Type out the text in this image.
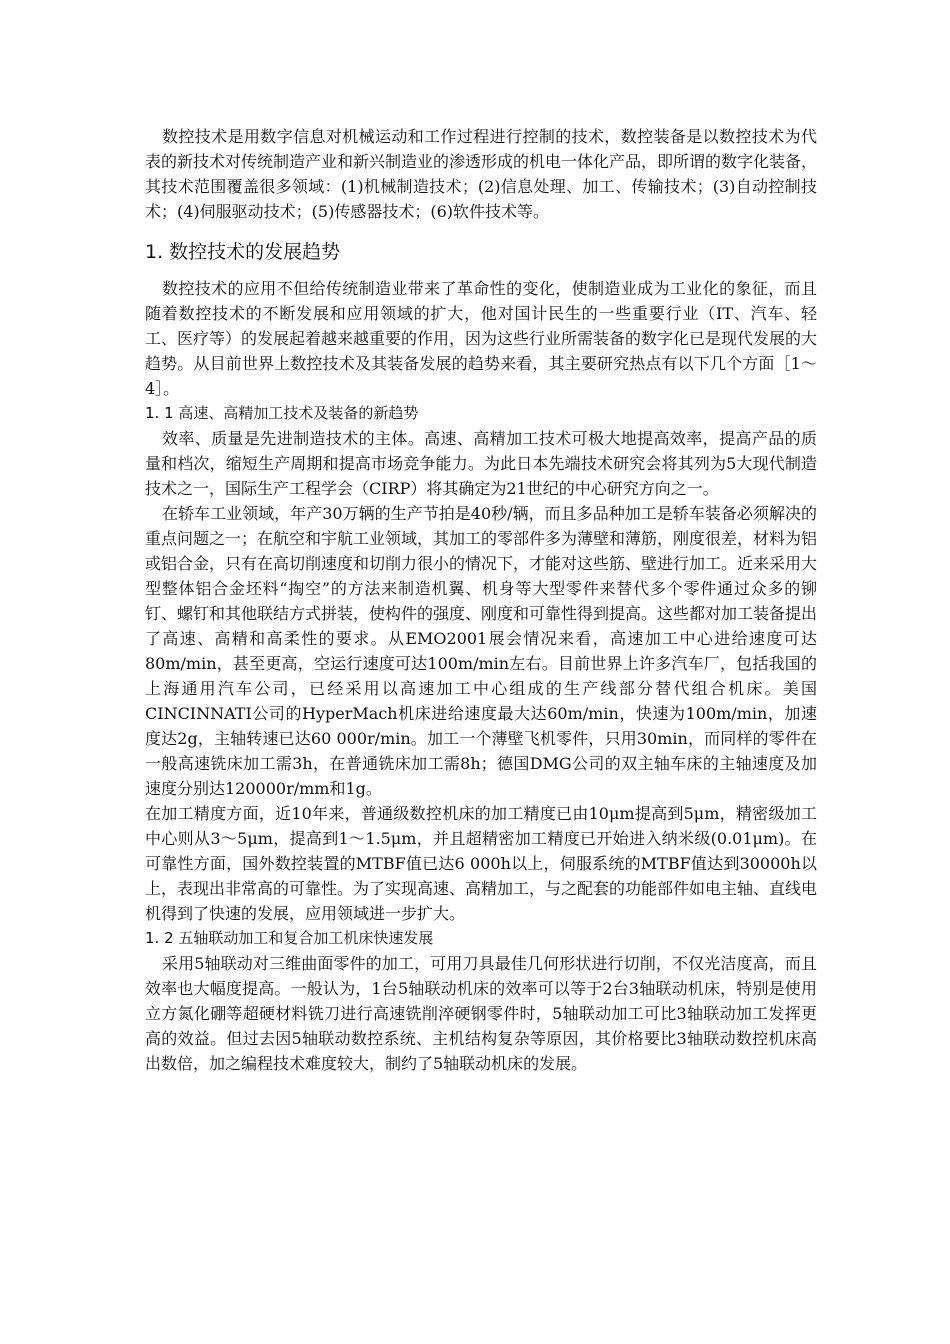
数控技术是用数字信息对机械运动和工作过程进行控制的技术，数控装备是以数控技术为代表的新技术对传统制造产业和新兴制造业的渗透形成的机电一体化产品，即所谓的数字化装备，其技术范围覆盖很多领域：(1)机械制造技术；(2)信息处理、加工、传输技术；(3)自动控制技术；(4)伺服驱动技术；(5)传感器技术；(6)软件技术等。

1. 数控技术的发展趋势

数控技术的应用不但给传统制造业带来了革命性的变化，使制造业成为工业化的象征，而且随着数控技术的不断发展和应用领域的扩大，他对国计民生的一些重要行业（IT、汽车、轻工、医疗等）的发展起着越来越重要的作用，因为这些行业所需装备的数字化已是现代发展的大趋势。从目前世界上数控技术及其装备发展的趋势来看，其主要研究热点有以下几个方面［1～4］。

1. 1 高速、高精加工技术及装备的新趋势

效率、质量是先进制造技术的主体。高速、高精加工技术可极大地提高效率，提高产品的质量和档次，缩短生产周期和提高市场竞争能力。为此日本先端技术研究会将其列为5大现代制造技术之一，国际生产工程学会（CIRP）将其确定为21世纪的中心研究方向之一。

在轿车工业领域，年产30万辆的生产节拍是40秒/辆，而且多品种加工是轿车装备必须解决的重点问题之一；在航空和宇航工业领域，其加工的零部件多为薄壁和薄筋，刚度很差，材料为铝或铝合金，只有在高切削速度和切削力很小的情况下，才能对这些筋、壁进行加工。近来采用大型整体铝合金坯料“掏空”的方法来制造机翼、机身等大型零件来替代多个零件通过众多的铆钉、螺钉和其他联结方式拼装，使构件的强度、刚度和可靠性得到提高。这些都对加工装备提出了高速、高精和高柔性的要求。从EMO2001展会情况来看，高速加工中心进给速度可达80m/min，甚至更高，空运行速度可达100m/min左右。目前世界上许多汽车厂，包括我国的上海通用汽车公司，已经采用以高速加工中心组成的生产线部分替代组合机床。美国CINCINNATI公司的HyperMach机床进给速度最大达60m/min，快速为100m/min，加速度达2g，主轴转速已达60 000r/min。加工一个薄壁飞机零件，只用30min，而同样的零件在一般高速铣床加工需3h，在普通铣床加工需8h；德国DMG公司的双主轴车床的主轴速度及加速度分别达120000r/mm和1g。

在加工精度方面，近10年来，普通级数控机床的加工精度已由10μm提高到5μm，精密级加工中心则从3～5μm，提高到1～1.5μm，并且超精密加工精度已开始进入纳米级(0.01μm)。在可靠性方面，国外数控装置的MTBF值已达6 000h以上，伺服系统的MTBF值达到30000h以上，表现出非常高的可靠性。为了实现高速、高精加工，与之配套的功能部件如电主轴、直线电机得到了快速的发展，应用领域进一步扩大。

1. 2 五轴联动加工和复合加工机床快速发展

采用5轴联动对三维曲面零件的加工，可用刀具最佳几何形状进行切削，不仅光洁度高，而且效率也大幅度提高。一般认为，1台5轴联动机床的效率可以等于2台3轴联动机床，特别是使用立方氮化硼等超硬材料铣刀进行高速铣削淬硬钢零件时，5轴联动加工可比3轴联动加工发挥更高的效益。但过去因5轴联动数控系统、主机结构复杂等原因，其价格要比3轴联动数控机床高出数倍，加之编程技术难度较大，制约了5轴联动机床的发展。
